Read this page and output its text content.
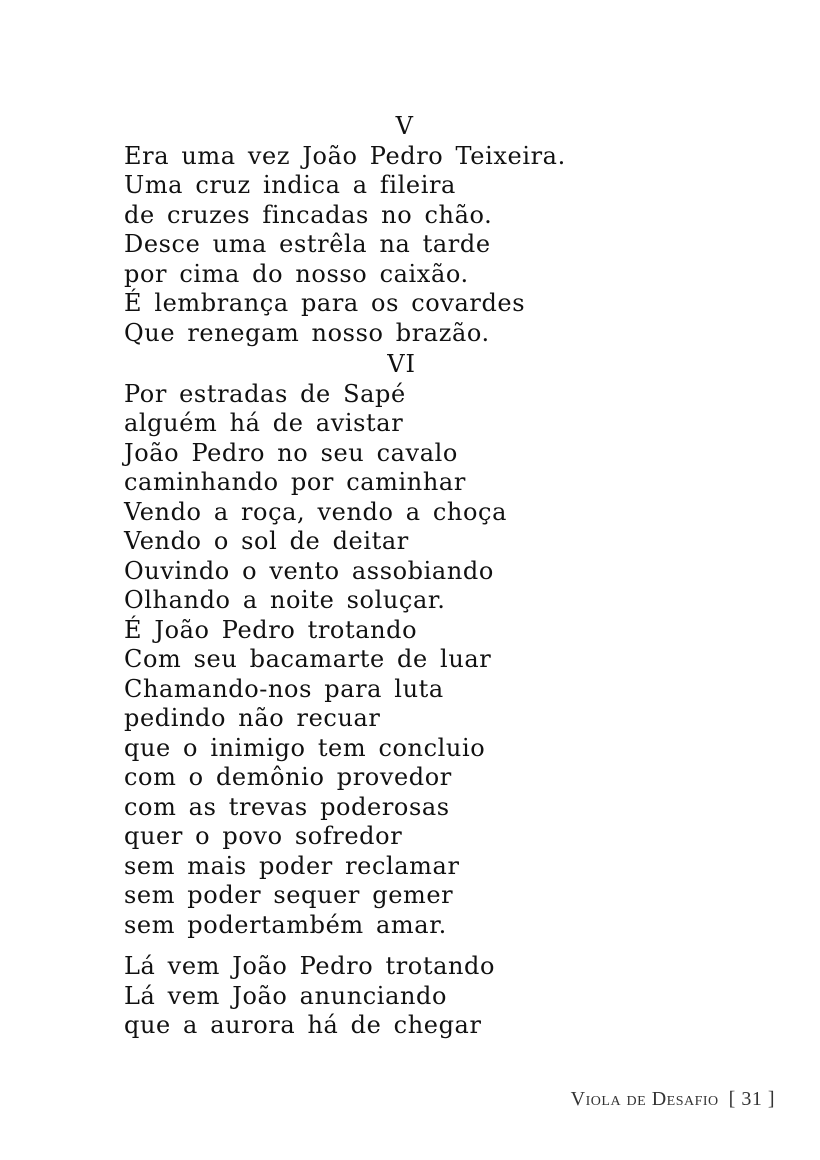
V
Era uma vez João Pedro Teixeira.
Uma cruz indica a fileira
de cruzes fincadas no chão.
Desce uma estrêla na tarde
por cima do nosso caixão.
É lembrança para os covardes
Que renegam nosso brazão.
VI
Por estradas de Sapé
alguém há de avistar
João Pedro no seu cavalo
caminhando por caminhar
Vendo a roça, vendo a choça
Vendo o sol de deitar
Ouvindo o vento assobiando
Olhando a noite soluçar.
É João Pedro trotando
Com seu bacamarte de luar
Chamando-nos para luta
pedindo não recuar
que o inimigo tem concluio
com o demônio provedor
com as trevas poderosas
quer o povo sofredor
sem mais poder reclamar
sem poder sequer gemer
sem podertambém amar.
Lá vem João Pedro trotando
Lá vem João anunciando
que a aurora há de chegar
Viola de Desafio [ 31 ]
